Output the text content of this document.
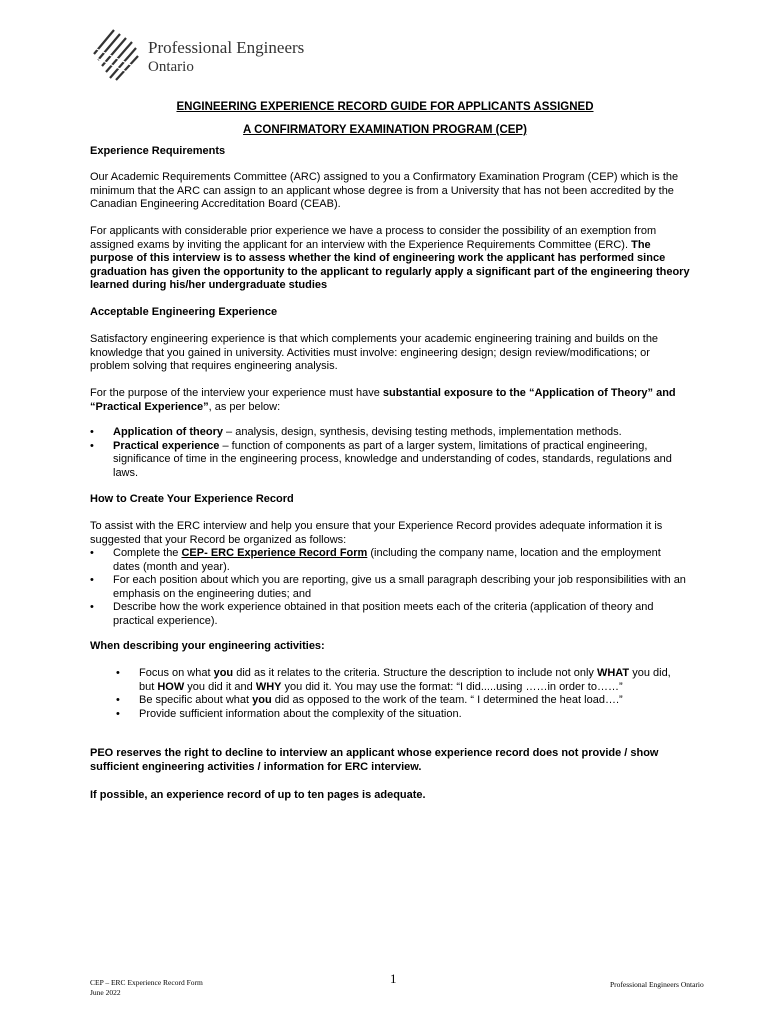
Professional Engineers
Ontario
ENGINEERING EXPERIENCE RECORD GUIDE FOR APPLICANTS ASSIGNED
A CONFIRMATORY EXAMINATION PROGRAM (CEP)
Experience Requirements

Our Academic Requirements Committee (ARC) assigned to you a Confirmatory Examination Program (CEP) which is the minimum that the ARC can assign to an applicant whose degree is from a University that has not been accredited by the Canadian Engineering Accreditation Board (CEAB).

For applicants with considerable prior experience we have a process to consider the possibility of an exemption from assigned exams by inviting the applicant for an interview with the Experience Requirements Committee (ERC). The purpose of this interview is to assess whether the kind of engineering work the applicant has performed since graduation has given the opportunity to the applicant to regularly apply a significant part of the engineering theory learned during his/her undergraduate studies

Acceptable Engineering Experience

Satisfactory engineering experience is that which complements your academic engineering training and builds on the knowledge that you gained in university. Activities must involve: engineering design; design review/modifications; or problem solving that requires engineering analysis.

For the purpose of the interview your experience must have substantial exposure to the “Application of Theory” and “Practical Experience”, as per below:

• Application of theory – analysis, design, synthesis, devising testing methods, implementation methods.
• Practical experience – function of components as part of a larger system, limitations of practical engineering, significance of time in the engineering process, knowledge and understanding of codes, standards, regulations and laws.
How to Create Your Experience Record

To assist with the ERC interview and help you ensure that your Experience Record provides adequate information it is suggested that your Record be organized as follows:

• Complete the CEP- ERC Experience Record Form (including the company name, location and the employment dates (month and year).
• For each position about which you are reporting, give us a small paragraph describing your job responsibilities with an emphasis on the engineering duties; and
• Describe how the work experience obtained in that position meets each of the criteria (application of theory and practical experience).
When describing your engineering activities:
• Focus on what you did as it relates to the criteria. Structure the description to include not only WHAT you did, but HOW you did it and WHY you did it. You may use the format: “I did.....using ……in order to……”
• Be specific about what you did as opposed to the work of the team. “ I determined the heat load….”
• Provide sufficient information about the complexity of the situation.
PEO reserves the right to decline to interview an applicant whose experience record does not provide / show sufficient engineering activities / information for ERC interview.
If possible, an experience record of up to ten pages is adequate.
CEP – ERC Experience Record Form
June 2022
1	Professional Engineers Ontario
